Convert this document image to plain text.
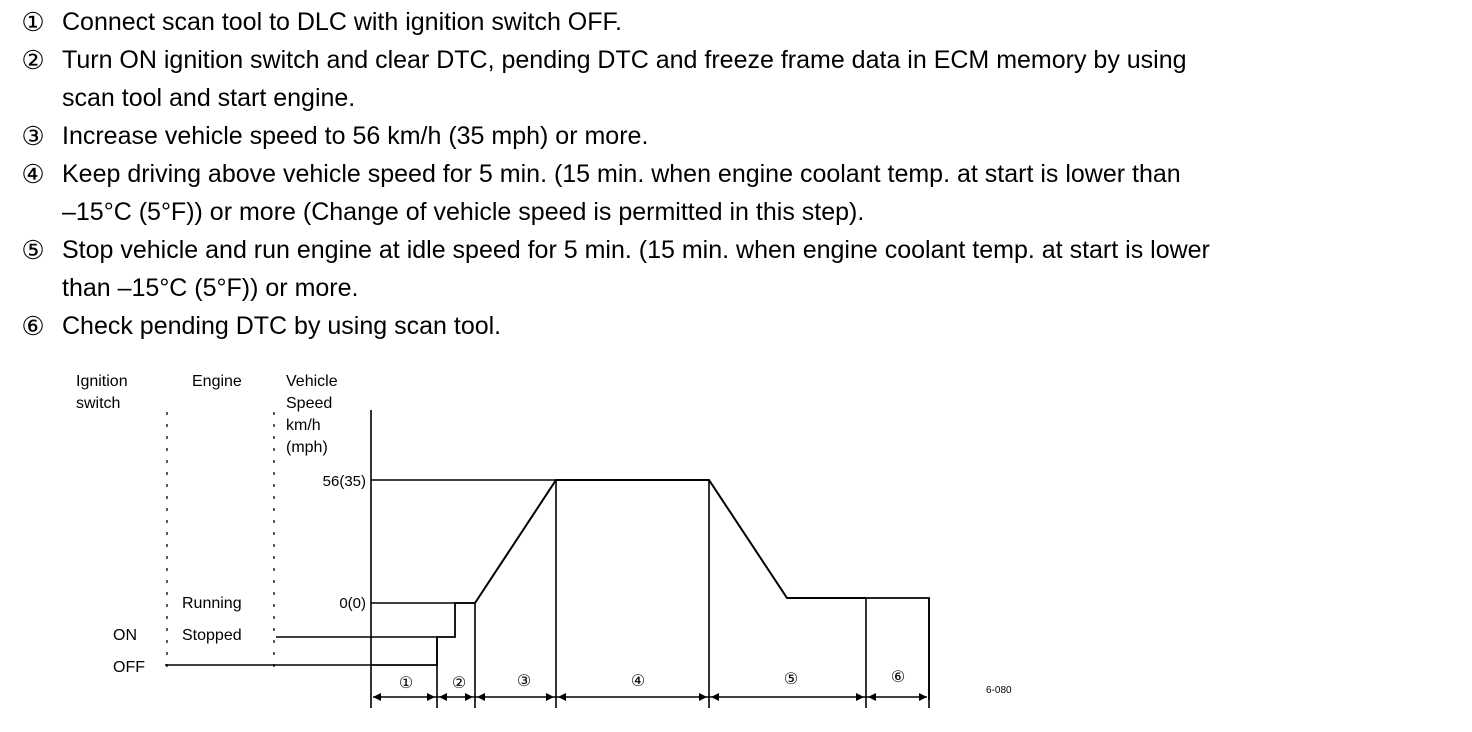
① Connect scan tool to DLC with ignition switch OFF.
② Turn ON ignition switch and clear DTC, pending DTC and freeze frame data in ECM memory by using
scan tool and start engine.
③ Increase vehicle speed to 56 km/h (35 mph) or more.
④ Keep driving above vehicle speed for 5 min. (15 min. when engine coolant temp. at start is lower than
–15°C (5°F)) or more (Change of vehicle speed is permitted in this step).
⑤ Stop vehicle and run engine at idle speed for 5 min. (15 min. when engine coolant temp. at start is lower
than –15°C (5°F)) or more.
⑥ Check pending DTC by using scan tool.
Ignition
switch
Engine	Vehicle
Speed
km/h
(mph)
56(35)
0(0)
Running
Stopped
ON
OFF
① ②	③	④	⑤	⑥
6-080
